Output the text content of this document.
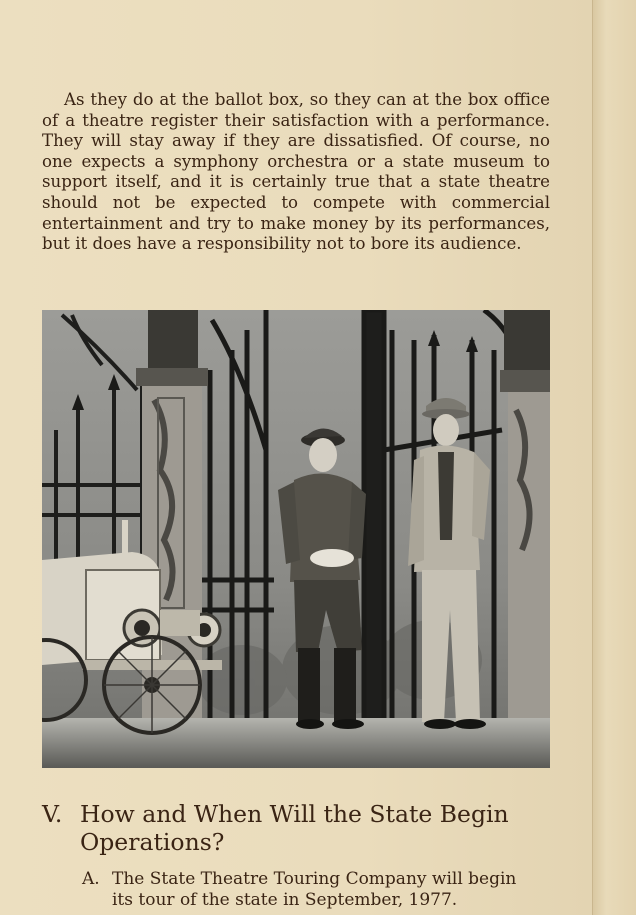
As they do at the ballot box, so they can at the box office of a theatre register their satisfaction with a performance. They will stay away if they are dissatisfied. Of course, no one expects a symphony orchestra or a state museum to support itself, and it is certainly true that a state theatre should not be expected to compete with commercial entertainment and try to make money by its performances, but it does have a responsibility not to bore its audience.

V. How and When Will the State Begin
Operations?

A. The State Theatre Touring Company will begin
its tour of the state in September, 1977.
